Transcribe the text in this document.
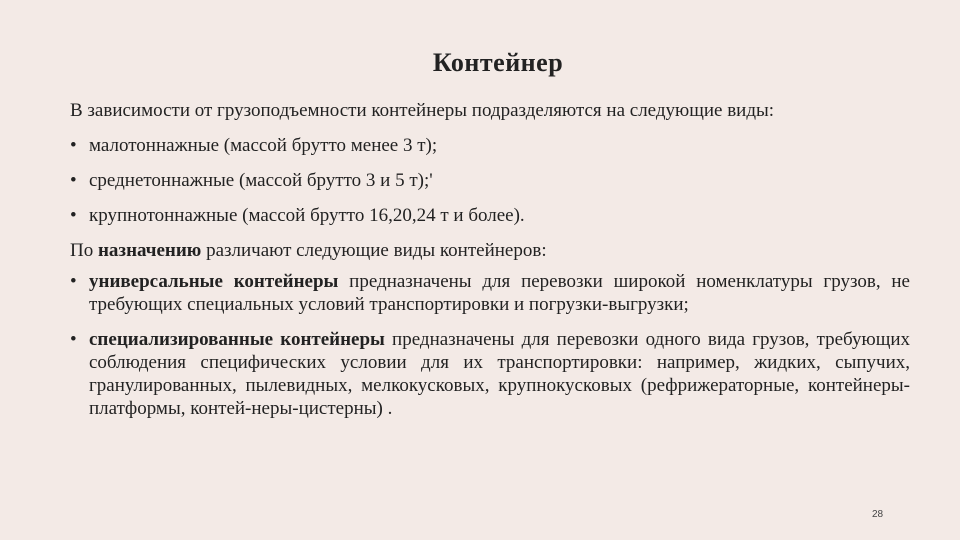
Контейнер

В зависимости от грузоподъемности контейнеры подразделяются на следующие виды:

• малотоннажные (массой брутто менее 3 т);
• среднетоннажные (массой брутто 3 и 5 т);'
• крупнотоннажные (массой брутто 16,20,24 т и более).

По назначению различают следующие виды контейнеров:

• универсальные контейнеры предназначены для перевозки широкой номенклатуры грузов, не требующих специальных условий транспортировки и погрузки-выгрузки;
• специализированные контейнеры предназначены для перевозки одного вида грузов, требующих соблюдения специфических условии для их транспортировки: например, жидких, сыпучих, гранулированных, пылевидных, мелкокусковых, крупнокусковых (рефрижераторные, контейнеры-платформы, контей-неры-цистерны) .
28
